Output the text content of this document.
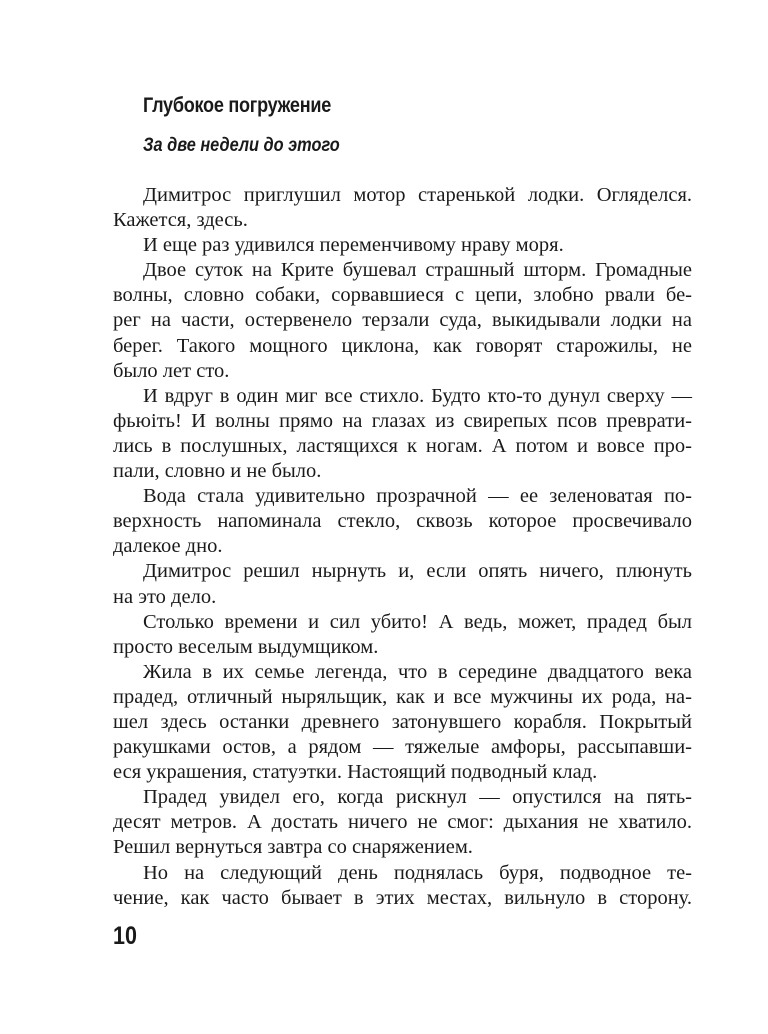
Глубокое погружение
За две недели до этого

Димитрос приглушил мотор старенькой лодки. Огляделся.

Кажется, здесь.

И еще раз удивился переменчивому нраву моря.

Двое суток на Крите бушевал страшный шторм. Громадные

волны, словно собаки, сорвавшиеся с цепи, злобно рвали бе-

рег на части, остервенело терзали суда, выкидывали лодки на

берег. Такого мощного циклона, как говорят старожилы, не

было лет сто.

И вдруг в один миг все стихло. Будто кто-то дунул сверху —

фьюіть! И волны прямо на глазах из свирепых псов преврати-

лись в послушных, ластящихся к ногам. А потом и вовсе про-

пали, словно и не было.

Вода стала удивительно прозрачной — ее зеленоватая по-

верхность напоминала стекло, сквозь которое просвечивало

далекое дно.

Димитрос решил нырнуть и, если опять ничего, плюнуть

на это дело.

Столько времени и сил убито! А ведь, может, прадед был

просто веселым выдумщиком.

Жила в их семье легенда, что в середине двадцатого века

прадед, отличный ныряльщик, как и все мужчины их рода, на-

шел здесь останки древнего затонувшего корабля. Покрытый

ракушками остов, а рядом — тяжелые амфоры, рассыпавши-

еся украшения, статуэтки. Настоящий подводный клад.

Прадед увидел его, когда рискнул — опустился на пять-

десят метров. А достать ничего не смог: дыхания не хватило.

Решил вернуться завтра со снаряжением.

Но на следующий день поднялась буря, подводное те-

чение, как часто бывает в этих местах, вильнуло в сторону.

10
